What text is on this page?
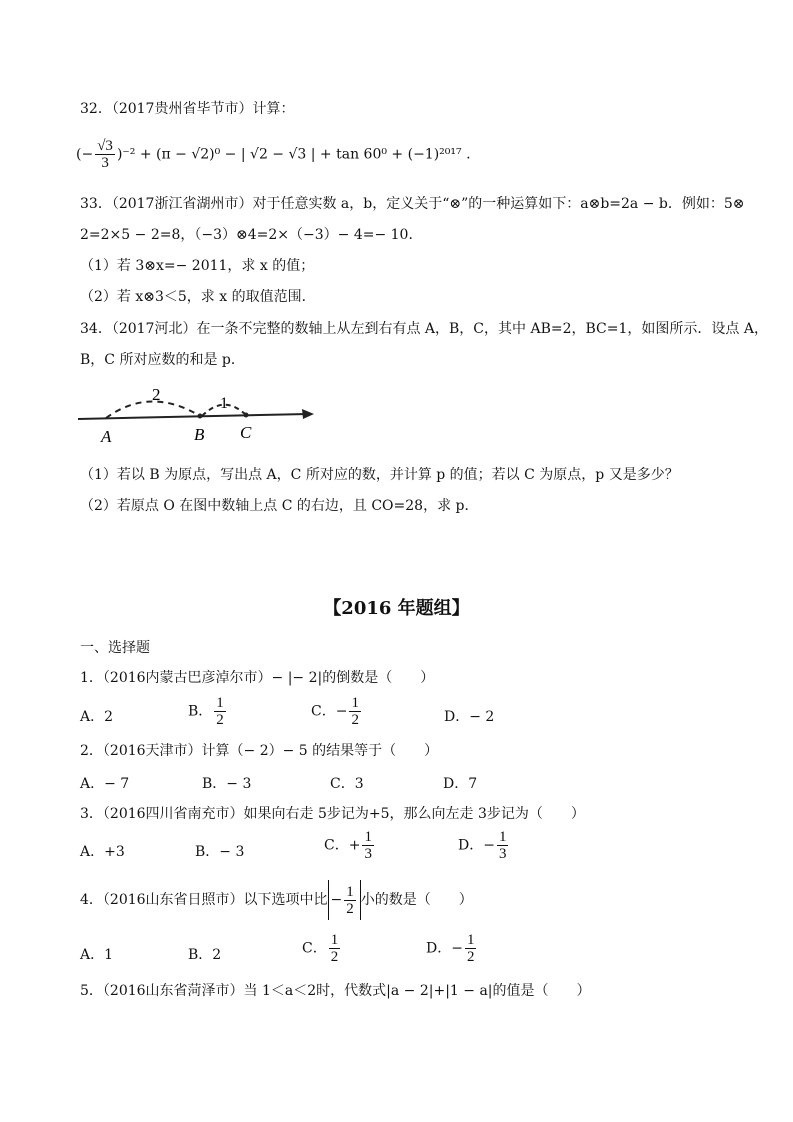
32．（2017贵州省毕节市）计算：
(− $\frac{√3}{3} )^{-2} + (\pi - √2)^0$ − | √2 − √3 | + tan 60⁰ + (−1)²⁰¹⁷ .
33．（2017浙江省湖州市）对于任意实数 a，b，定义关于“⊗”的一种运算如下：a⊗b=2a − b．例如：5⊗
2=2×5 − 2=8，（−3）⊗4=2×（−3）− 4=− 10．
（1）若 3⊗x=− 2011，求 x 的值；
（2）若 x⊗3＜5，求 x 的取值范围．
34．（2017河北）在一条不完整的数轴上从左到右有点 A，B，C，其中 AB=2，BC=1，如图所示．设点 A，
B，C 所对应数的和是 p．
A	B C
2	1
（1）若以 B 为原点，写出点 A，C 所对应的数，并计算 p 的值；若以 C 为原点，p 又是多少？
（2）若原点 O 在图中数轴上点 C 的右边，且 CO=28，求 p．
【2016 年题组】
一、选择题
1．（2016内蒙古巴彦淖尔市）− |− 2|的倒数是（　　）
A．2	B． $\frac{1}{2}$	C．− $\frac{1}{2}$	D．− 2
2．（2016天津市）计算（− 2）− 5 的结果等于（　　）
A．− 7	B．− 3	C．3	D．7
3．（2016四川省南充市）如果向右走 5步记为+5，那么向左走 3步记为（　　）
A．+3	B．− 3	C．+ $\frac{1}{3}$	D．− $\frac{1}{3}$
4．（2016山东省日照市）以下选项中比 − $\frac{1}{2}$ 小的数是（　　）
A．1	B．2	C． $\frac{1}{2}$	D．− $\frac{1}{2}$
5．（2016山东省菏泽市）当 1＜a＜2时，代数式|a − 2|+|1 − a|的值是（　　）
